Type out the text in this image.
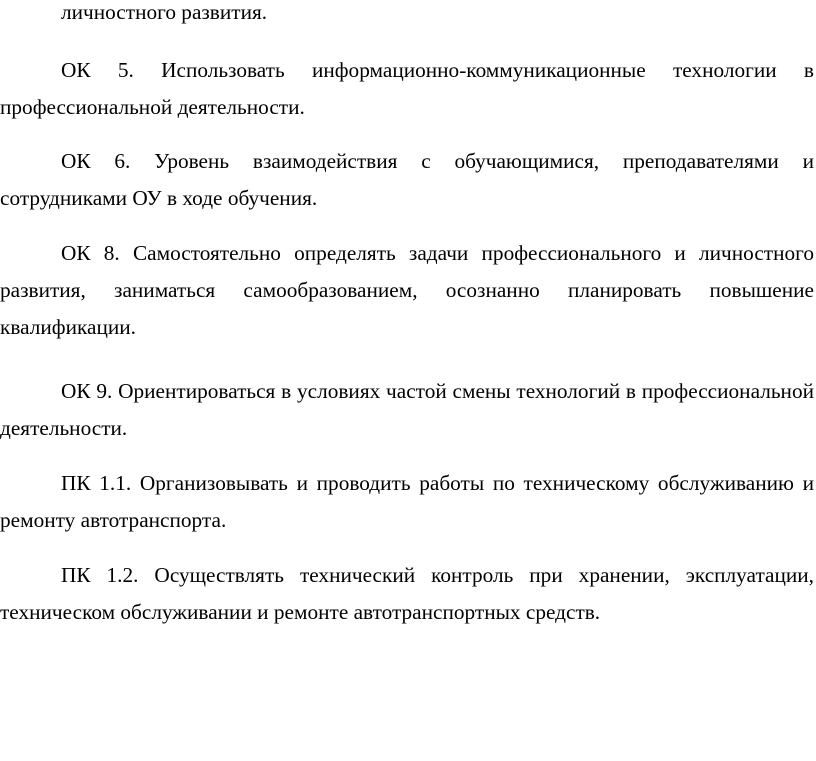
личностного развития.

ОК 5. Использовать информационно-коммуникационные технологии в профессиональной деятельности.

ОК 6. Уровень взаимодействия с обучающимися, преподавателями и сотрудниками ОУ в ходе обучения.

ОК 8. Самостоятельно определять задачи профессионального и личностного развития, заниматься самообразованием, осознанно планировать повышение квалификации.

ОК 9. Ориентироваться в условиях частой смены технологий в профессиональной деятельности.

ПК 1.1. Организовывать и проводить работы по техническому обслуживанию и ремонту автотранспорта.

ПК 1.2. Осуществлять технический контроль при хранении, эксплуатации, техническом обслуживании и ремонте автотранспортных средств.
